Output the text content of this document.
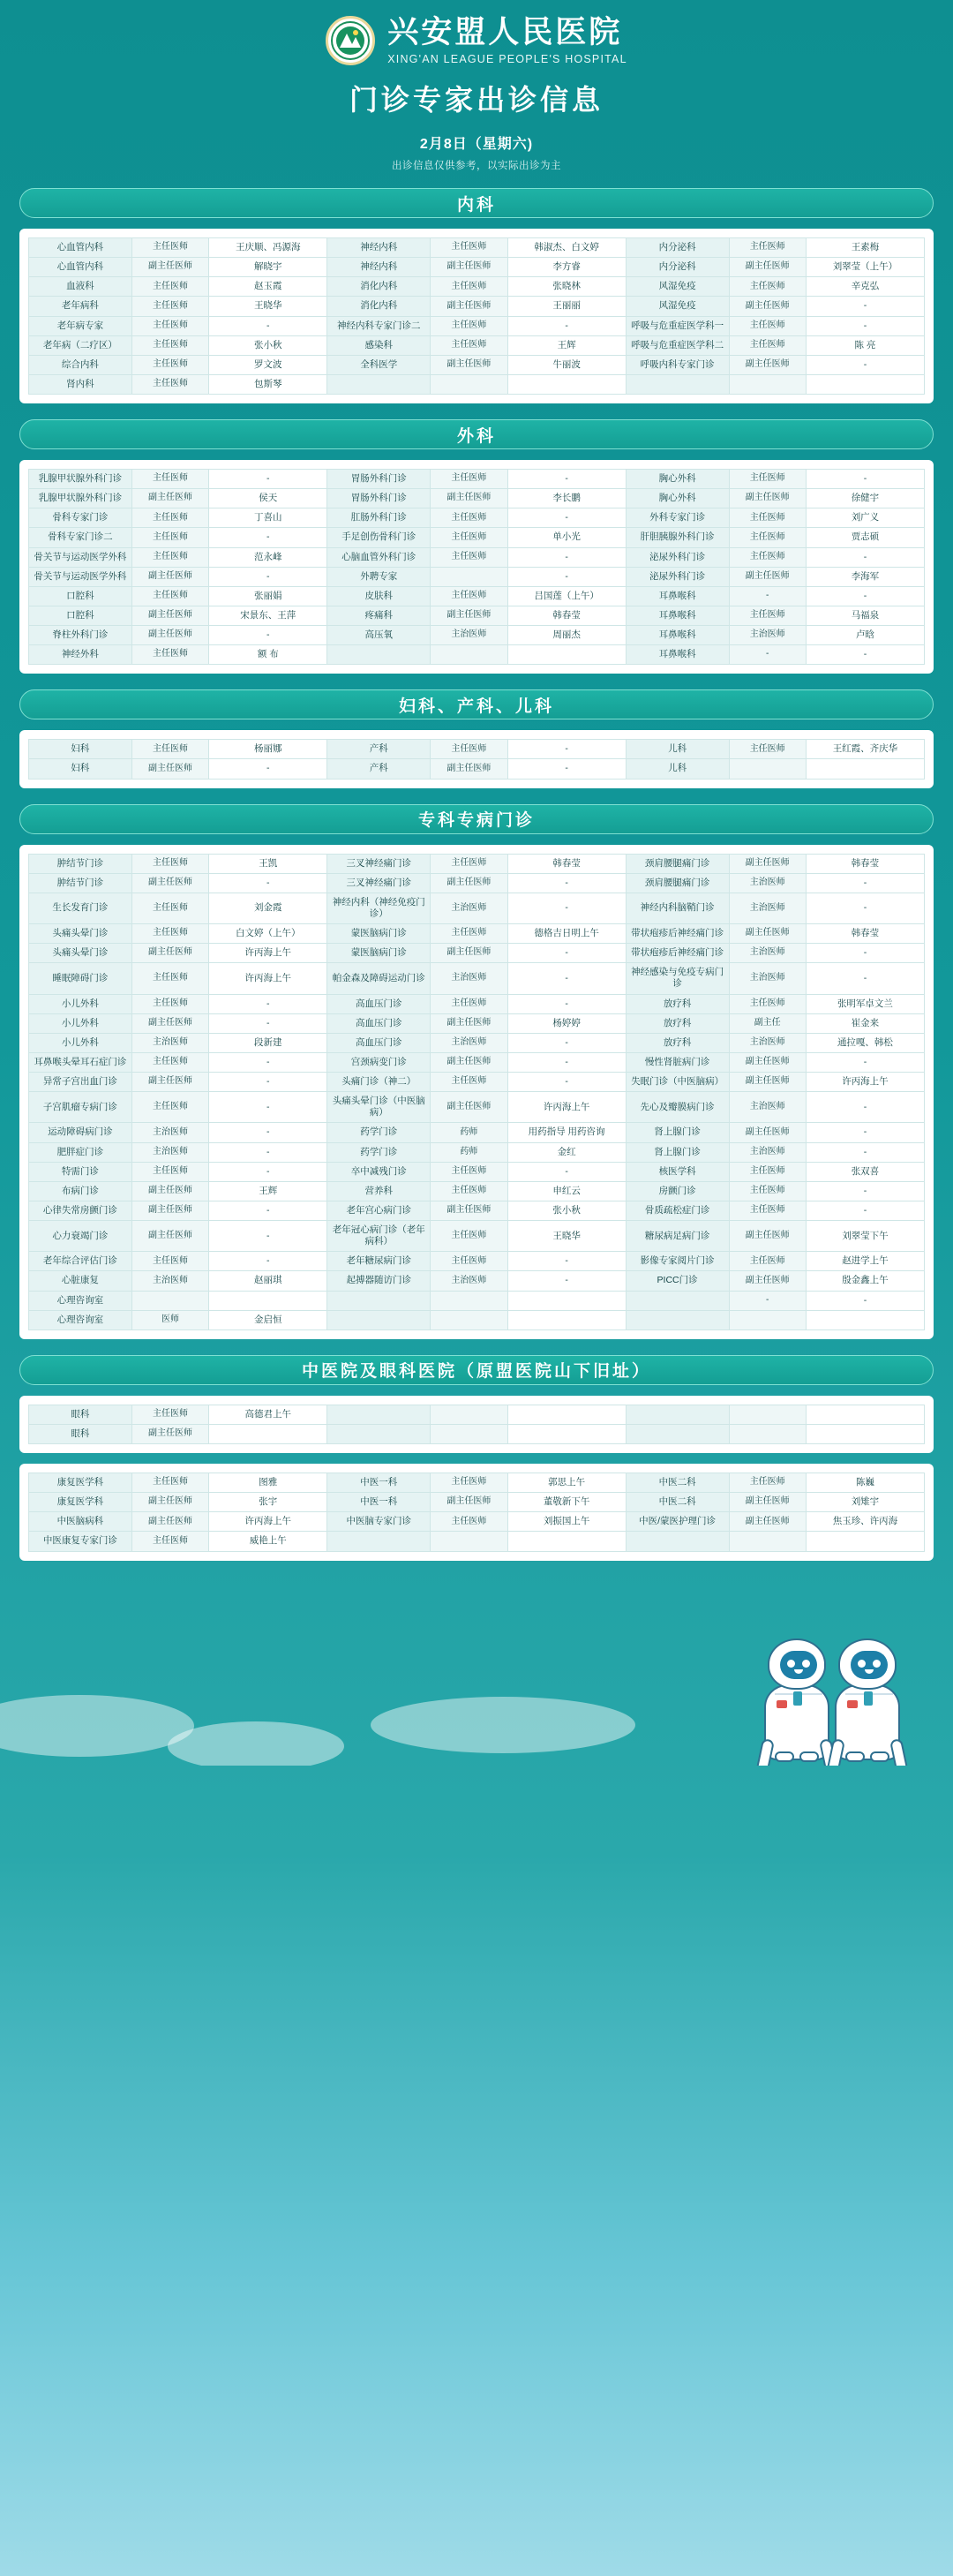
兴安盟人民医院
XING'AN LEAGUE PEOPLE'S HOSPITAL
门诊专家出诊信息
2月8日（星期六)
出诊信息仅供参考，以实际出诊为主
内科
心血管内科	主任医师	王庆顺、冯源海	神经内科	主任医师	韩淑杰、白文婷	内分泌科	主任医师	王素梅
心血管内科	副主任医师	解晓宇	神经内科	副主任医师	李方睿	内分泌科	副主任医师	刘翠莹（上午）
血液科	主任医师	赵玉霞	消化内科	主任医师	张晓林	风湿免疫	主任医师	辛克弘
老年病科	主任医师	王晓华	消化内科	副主任医师	王丽丽	风湿免疫	副主任医师	-
老年病专家	主任医师	-	神经内科专家门诊二	主任医师	-	呼吸与危重症医学科一	主任医师	-
老年病（二疗区）	主任医师	张小秋	感染科	主任医师	王辉	呼吸与危重症医学科二	主任医师	陈 亮
综合内科	主任医师	罗文波	全科医学	副主任医师	牛丽波	呼吸内科专家门诊	副主任医师	-
肾内科	主任医师	包斯琴						
外科
乳腺甲状腺外科门诊	主任医师	-	胃肠外科门诊	主任医师	-	胸心外科	主任医师	-
乳腺甲状腺外科门诊	副主任医师	侯天	胃肠外科门诊	副主任医师	李长鹏	胸心外科	副主任医师	徐健宇
骨科专家门诊	主任医师	丁喜山	肛肠外科门诊	主任医师	-	外科专家门诊	主任医师	刘广义
骨科专家门诊二	主任医师	-	手足创伤骨科门诊	主任医师	单小光	肝胆胰腺外科门诊	主任医师	贾志硕
骨关节与运动医学外科	主任医师	范永峰	心脑血管外科门诊	主任医师	-	泌尿外科门诊	主任医师	-
骨关节与运动医学外科	副主任医师	-	外聘专家		-	泌尿外科门诊	副主任医师	李海军
口腔科	主任医师	张丽娟	皮肤科	主任医师	吕国莲（上午）	耳鼻喉科	-	-
口腔科	副主任医师	宋景东、王萍	疼痛科	副主任医师	韩春莹	耳鼻喉科	主任医师	马福泉
脊柱外科门诊	副主任医师	-	高压氧	主治医师	周丽杰	耳鼻喉科	主治医师	卢晗
神经外科	主任医师	额 布				耳鼻喉科	-	-
妇科、产科、儿科
妇科	主任医师	杨丽娜	产科	主任医师	-	儿科	主任医师	王红霞、齐庆华
妇科	副主任医师	-	产科	副主任医师	-	儿科		
专科专病门诊
肿结节门诊	主任医师	王凯	三叉神经痛门诊	主任医师	韩春莹	颈肩腰腿痛门诊	副主任医师	韩春莹
肿结节门诊	副主任医师	-	三叉神经痛门诊	副主任医师	-	颈肩腰腿痛门诊	主治医师	-
生长发育门诊	主任医师	刘金霞	神经内科（神经免疫门诊）	主治医师	-	神经内科脑鞘门诊	主治医师	-
头痛头晕门诊	主任医师	白文婷（上午）	蒙医脑病门诊	主任医师	德格吉日明上午	带状疱疹后神经痛门诊	副主任医师	韩春莹
头痛头晕门诊	副主任医师	许丙海上午	蒙医脑病门诊	副主任医师	-	带状疱疹后神经痛门诊	主治医师	-
睡眠障碍门诊	主任医师	许丙海上午	帕金森及障碍运动门诊	主治医师	-	神经感染与免疫专病门诊	主治医师	-
小儿外科	主任医师	-	高血压门诊	主任医师	-	放疗科	主任医师	张明军卓文兰
小儿外科	副主任医师	-	高血压门诊	副主任医师	杨婷婷	放疗科	副主任	崔金来
小儿外科	主治医师	段新建	高血压门诊	主治医师	-	放疗科	主治医师	通拉嘎、韩松
耳鼻喉头晕耳石症门诊	主任医师	-	宫颈病变门诊	副主任医师	-	慢性肾脏病门诊	副主任医师	-
异常子宫出血门诊	副主任医师	-	头痛门诊（神二）	主任医师	-	失眠门诊（中医脑病）	副主任医师	许丙海上午
子宫肌瘤专病门诊	主任医师	-	头痛头晕门诊（中医脑病）	副主任医师	许丙海上午	先心及瓣膜病门诊	主治医师	-
运动障碍病门诊	主治医师	-	药学门诊	药师	用药指导 用药咨询	肾上腺门诊	副主任医师	-
肥胖症门诊	主治医师	-	药学门诊	药师	金红	肾上腺门诊	主治医师	-
特需门诊	主任医师	-	卒中减残门诊	主任医师	-	核医学科	主任医师	张双喜
布病门诊	副主任医师	王辉	营养科	主任医师	申红云	房颤门诊	主任医师	-
心律失常房颤门诊	副主任医师	-	老年宫心病门诊	副主任医师	张小秋	骨质疏松症门诊	主任医师	-
心力衰竭门诊	副主任医师	-	老年冠心病门诊（老年病科）	主任医师	王晓华	糖尿病足病门诊	副主任医师	刘翠莹下午
老年综合评估门诊	主任医师	-	老年糖尿病门诊	主任医师	-	影像专家阅片门诊	主任医师	赵进学上午
心脏康复	主治医师	赵丽琪	起搏器随访门诊	主治医师	-	PICC门诊	副主任医师	殷金鑫上午
心理咨询室							-	-
心理咨询室	医师	金启恒						
中医院及眼科医院（原盟医院山下旧址）
眼科	主任医师	高德君上午						
眼科	副主任医师							
康复医学科	主任医师	图雅	中医一科	主任医师	郭思上午	中医二科	主任医师	陈巍
康复医学科	副主任医师	张宇	中医一科	副主任医师	董敬新下午	中医二科	副主任医师	刘雉宇
中医脑病科	副主任医师	许丙海上午	中医脑专家门诊	主任医师	刘振国上午	中医/蒙医护理门诊	副主任医师	焦玉珍、许丙海
中医康复专家门诊	主任医师	威艳上午						
